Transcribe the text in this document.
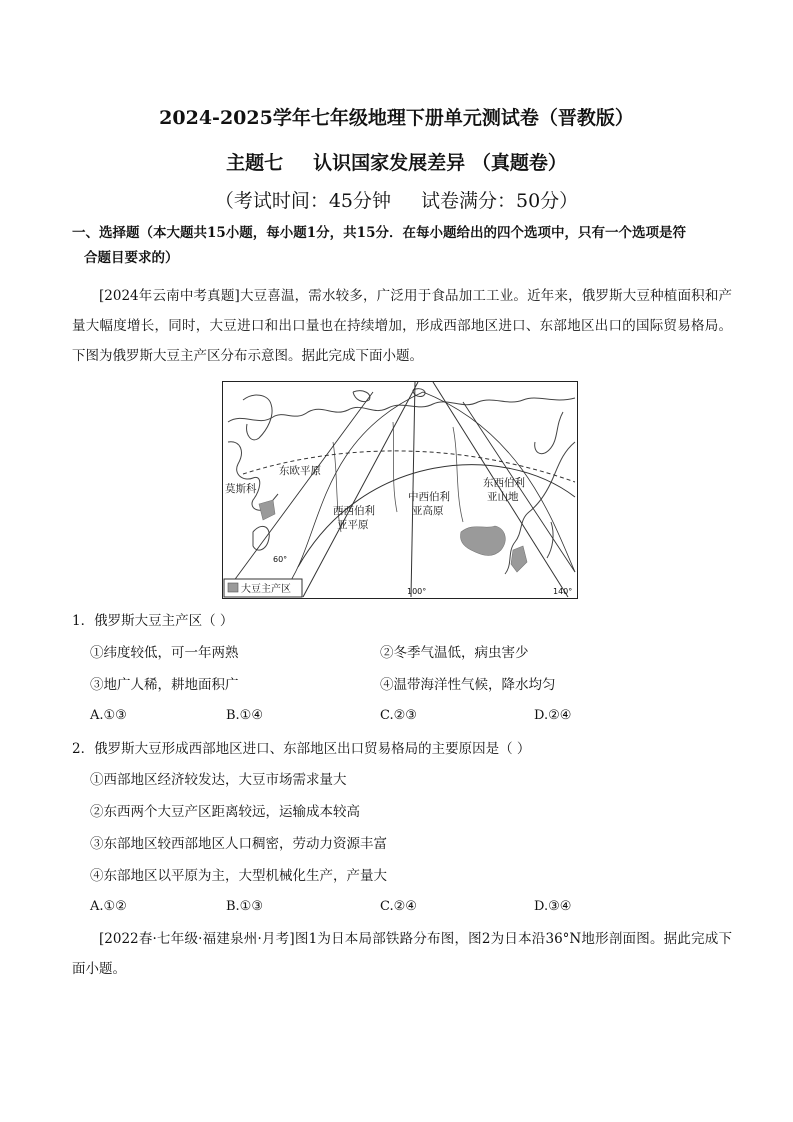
2024-2025学年七年级地理下册单元测试卷（晋教版）
主题七 认识国家发展差异 （真题卷）
（考试时间：45分钟 试卷满分：50分）
一、选择题（本大题共15小题，每小题1分，共15分．在每小题给出的四个选项中，只有一个选项是符
合题目要求的）
[2024年云南中考真题]大豆喜温，需水较多，广泛用于食品加工工业。近年来，俄罗斯大豆种植面积和产量大幅度增长，同时，大豆进口和出口量也在持续增加，形成西部地区进口、东部地区出口的国际贸易格局。下图为俄罗斯大豆主产区分布示意图。据此完成下面小题。
东欧平原
莫斯科
西西伯利
亚平原
中西伯利
亚高原
东西伯利
亚山地
60°
100°	140°
大豆主产区
1．俄罗斯大豆主产区（ ）
①纬度较低，可一年两熟	②冬季气温低，病虫害少
③地广人稀，耕地面积广	④温带海洋性气候，降水均匀
A.①③	B.①④	C.②③	D.②④
2．俄罗斯大豆形成西部地区进口、东部地区出口贸易格局的主要原因是（ ）
①西部地区经济较发达，大豆市场需求量大
②东西两个大豆产区距离较远，运输成本较高
③东部地区较西部地区人口稠密，劳动力资源丰富
④东部地区以平原为主，大型机械化生产，产量大
A.①②	B.①③	C.②④	D.③④
[2022春·七年级·福建泉州·月考]图1为日本局部铁路分布图，图2为日本沿36°N地形剖面图。据此完成下面小题。
